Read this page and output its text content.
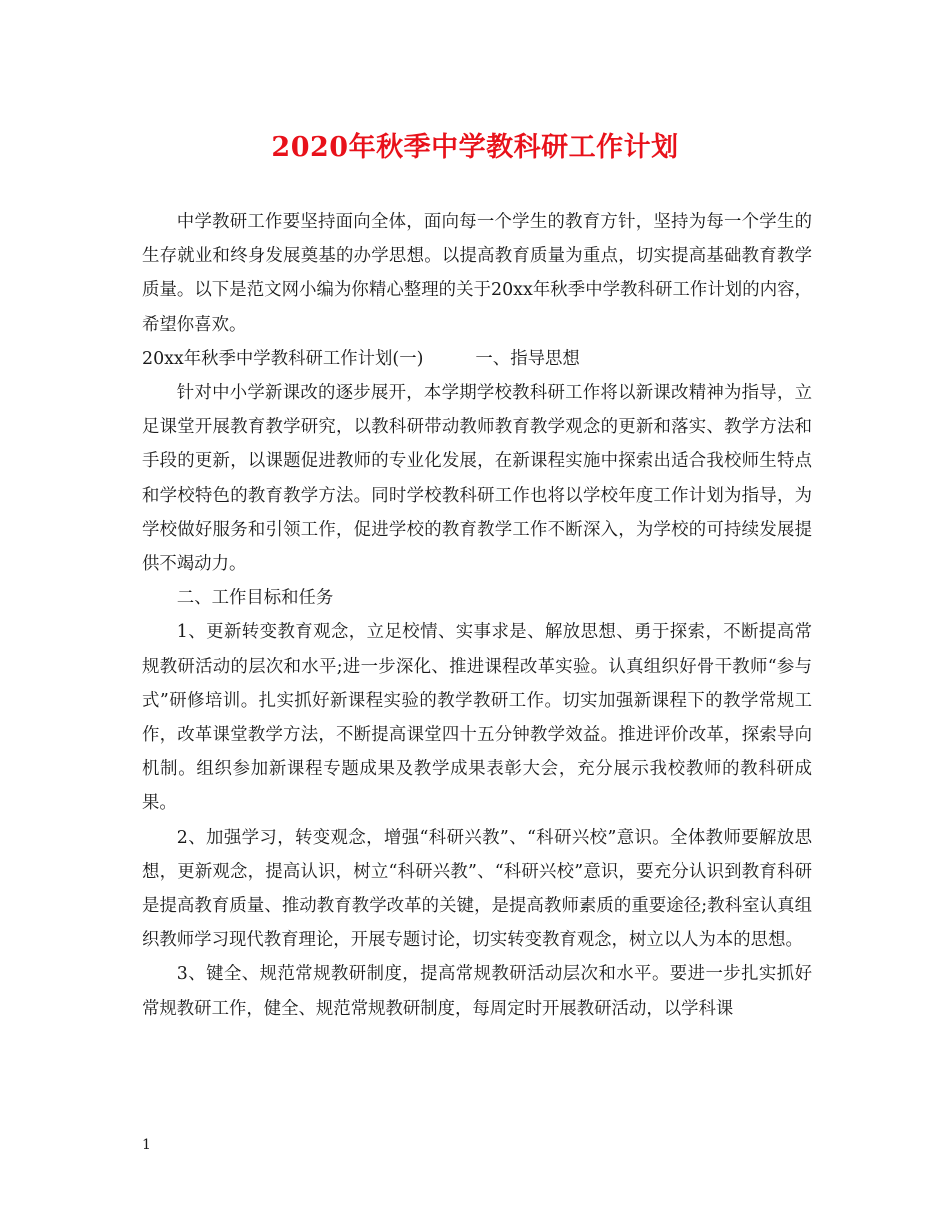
2020年秋季中学教科研工作计划

中学教研工作要坚持面向全体，面向每一个学生的教育方针，坚持为每一个学生的生存就业和终身发展奠基的办学思想。以提高教育质量为重点，切实提高基础教育教学质量。以下是范文网小编为你精心整理的关于20xx年秋季中学教科研工作计划的内容，希望你喜欢。

20xx年秋季中学教科研工作计划(一)	一、指导思想

针对中小学新课改的逐步展开，本学期学校教科研工作将以新课改精神为指导，立足课堂开展教育教学研究，以教科研带动教师教育教学观念的更新和落实、教学方法和手段的更新，以课题促进教师的专业化发展，在新课程实施中探索出适合我校师生特点和学校特色的教育教学方法。同时学校教科研工作也将以学校年度工作计划为指导，为学校做好服务和引领工作，促进学校的教育教学工作不断深入，为学校的可持续发展提供不竭动力。

二、工作目标和任务

1、更新转变教育观念，立足校情、实事求是、解放思想、勇于探索，不断提高常规教研活动的层次和水平;进一步深化、推进课程改革实验。认真组织好骨干教师“参与式”研修培训。扎实抓好新课程实验的教学教研工作。切实加强新课程下的教学常规工作，改革课堂教学方法，不断提高课堂四十五分钟教学效益。推进评价改革，探索导向机制。组织参加新课程专题成果及教学成果表彰大会，充分展示我校教师的教科研成果。

2、加强学习，转变观念，增强“科研兴教”、“科研兴校”意识。全体教师要解放思想，更新观念，提高认识，树立“科研兴教”、“科研兴校”意识，要充分认识到教育科研是提高教育质量、推动教育教学改革的关键，是提高教师素质的重要途径;教科室认真组织教师学习现代教育理论，开展专题讨论，切实转变教育观念，树立以人为本的思想。

3、键全、规范常规教研制度，提高常规教研活动层次和水平。要进一步扎实抓好常规教研工作，健全、规范常规教研制度，每周定时开展教研活动，以学科课

1
